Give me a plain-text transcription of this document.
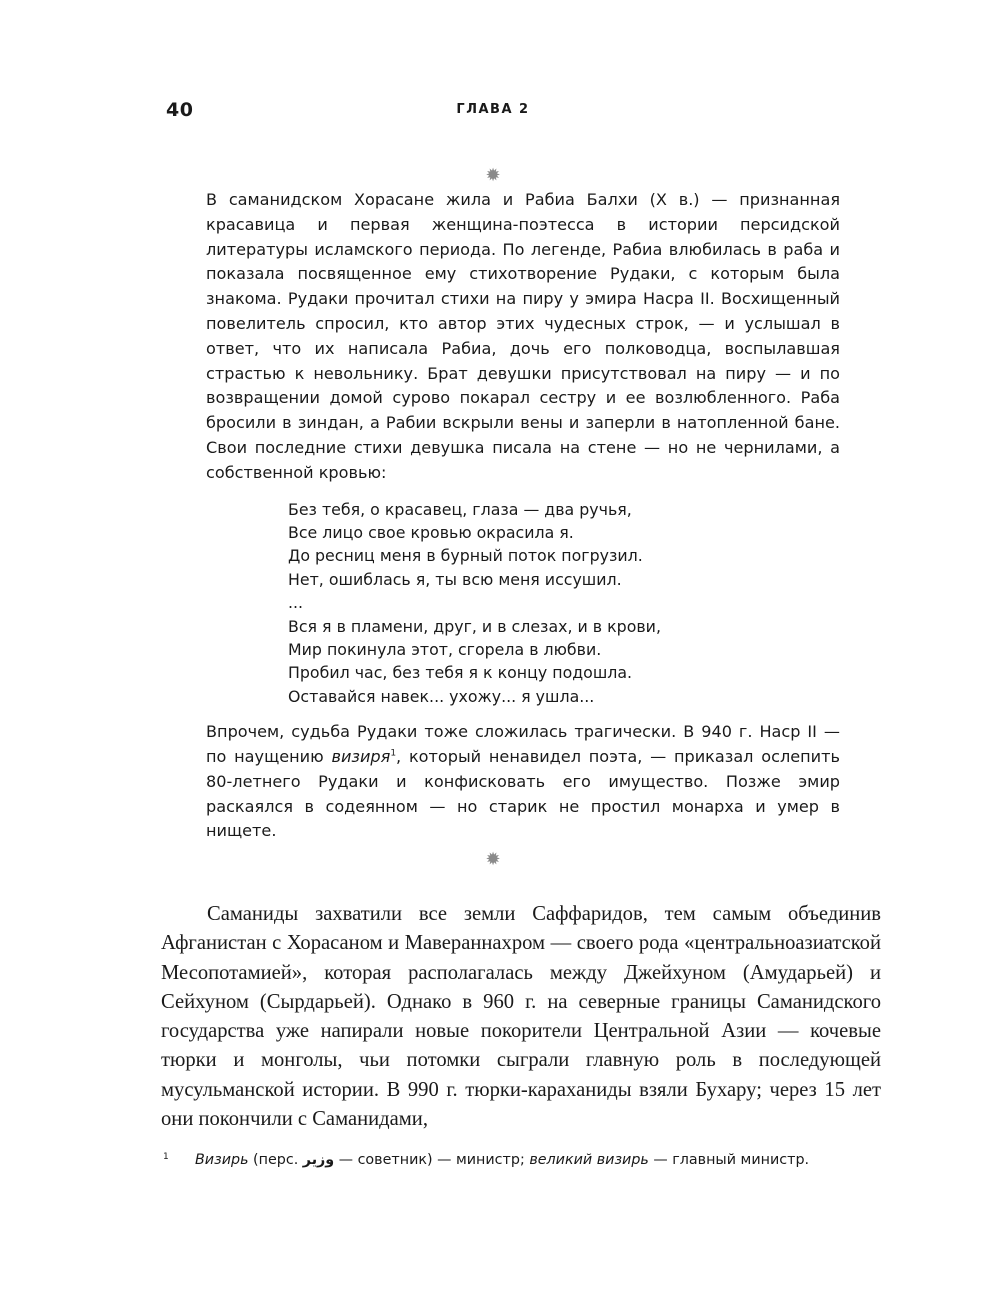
40	ГЛАВА 2
✹

В саманидском Хорасане жила и Рабиа Балхи (X в.) — признанная красавица и первая женщина-поэтесса в истории персидской литературы исламского периода. По легенде, Рабиа влюбилась в раба и показала посвященное ему стихотворение Рудаки, с которым была знакома. Рудаки прочитал стихи на пиру у эмира Насра II. Восхищенный повелитель спросил, кто автор этих чудесных строк, — и услышал в ответ, что их написала Рабиа, дочь его полководца, воспылавшая страстью к невольнику. Брат девушки присутствовал на пиру — и по возвращении домой сурово покарал сестру и ее возлюбленного. Раба бросили в зиндан, а Рабии вскрыли вены и заперли в натопленной бане. Свои последние стихи девушка писала на стене — но не чернилами, а собственной кровью:

Без тебя, о красавец, глаза — два ручья,
Все лицо свое кровью окрасила я.
До ресниц меня в бурный поток погрузил.
Нет, ошиблась я, ты всю меня иссушил.
...
Вся я в пламени, друг, и в слезах, и в крови,
Мир покинула этот, сгорела в любви.
Пробил час, без тебя я к концу подошла.
Оставайся навек... ухожу... я ушла...

Впрочем, судьба Рудаки тоже сложилась трагически. В 940 г. Наср II — по наущению визиря$^1$, который ненавидел поэта, — приказал ослепить 80-летнего Рудаки и конфисковать его имущество. Позже эмир раскаялся в содеянном — но старик не простил монарха и умер в нищете.

✹

Саманиды захватили все земли Саффаридов, тем самым объединив Афганистан с Хорасаном и Мавераннахром — своего рода «центральноазиатской Месопотамией», которая располагалась между Джейхуном (Амударьей) и Сейхуном (Сырдарьей). Однако в 960 г. на северные границы Саманидского государства уже напирали новые покорители Центральной Азии — кочевые тюрки и монголы, чьи потомки сыграли главную роль в последующей мусульманской истории. В 990 г. тюрки-караханиды взяли Бухару; через 15 лет они покончили с Саманидами,

1 Визирь (перс. وزیر — советник) — министр; великий визирь — главный министр.
